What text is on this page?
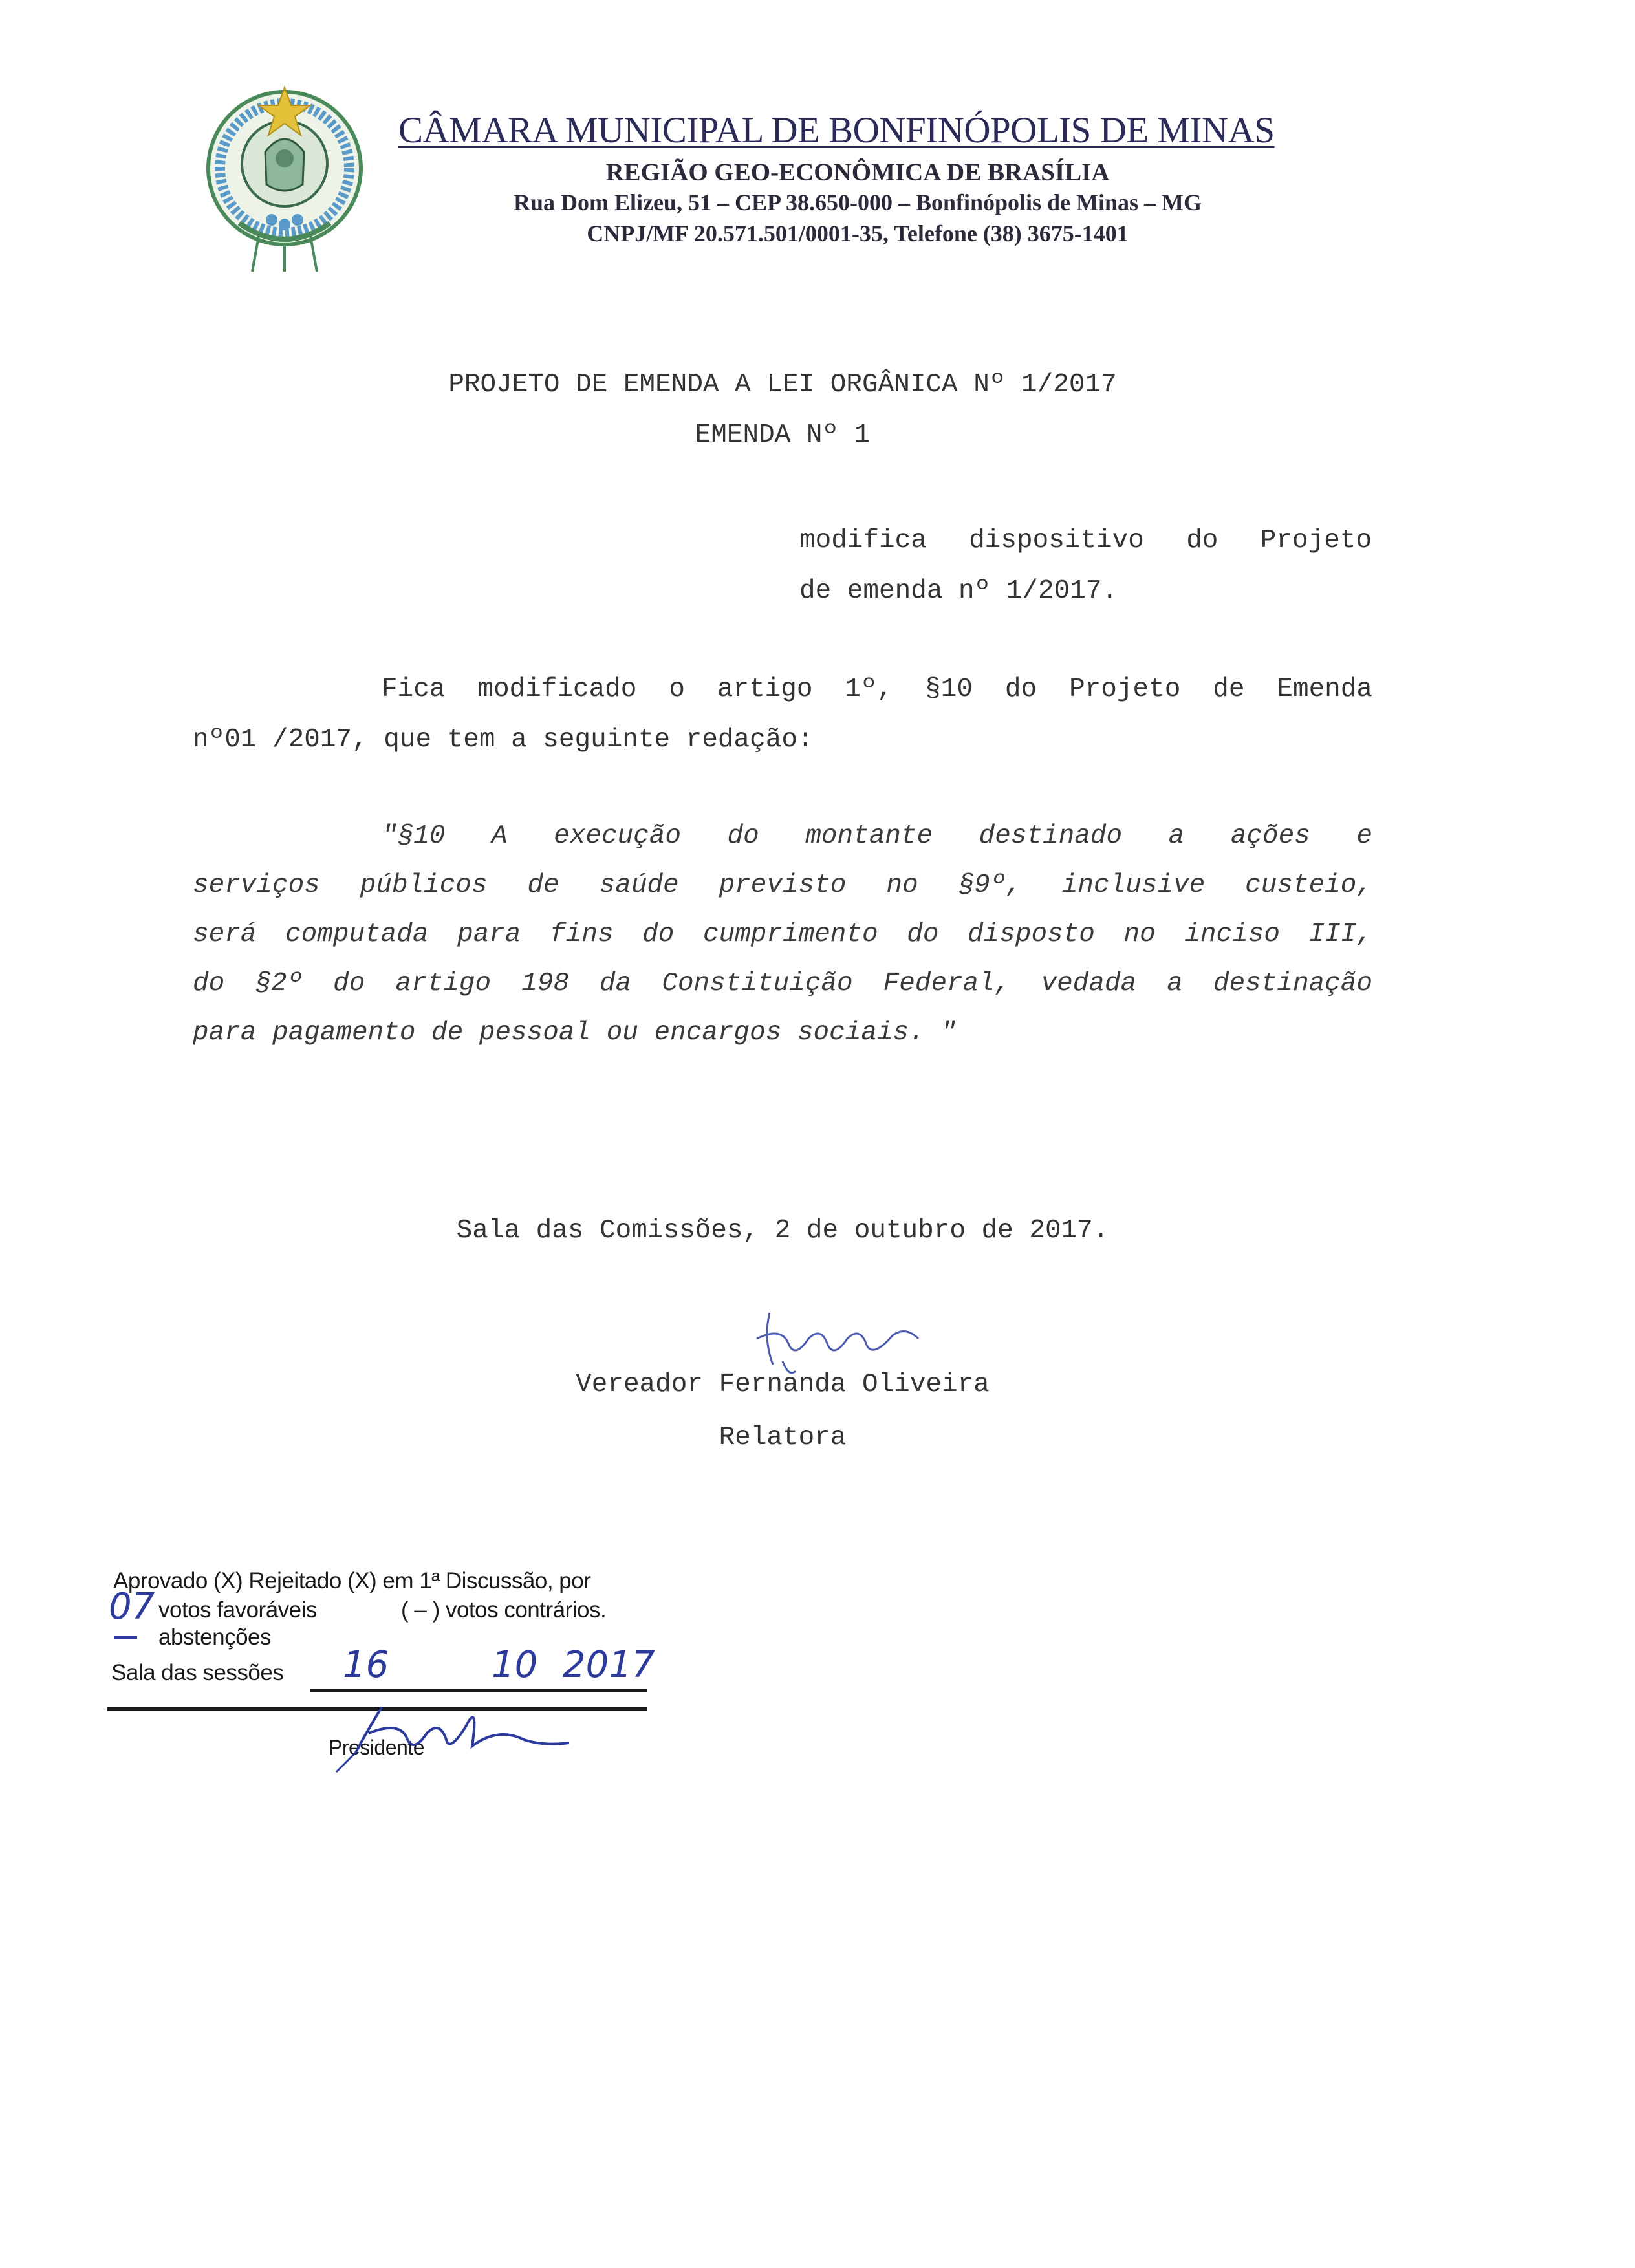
CÂMARA MUNICIPAL DE BONFINÓPOLIS DE MINAS
REGIÃO GEO-ECONÔMICA DE BRASÍLIA
Rua Dom Elizeu, 51 – CEP 38.650-000 – Bonfinópolis de Minas – MG
CNPJ/MF 20.571.501/0001-35, Telefone (38) 3675-1401
PROJETO DE EMENDA A LEI ORGÂNICA Nº 1/2017
EMENDA Nº 1
modifica dispositivo do Projeto
de emenda nº 1/2017.
Fica modificado o artigo 1º, §10 do Projeto de Emenda
nº01 /2017, que tem a seguinte redação:
"§10 A execução do montante destinado a ações e
serviços públicos de saúde previsto no §9º, inclusive custeio,
será computada para fins do cumprimento do disposto no inciso III,
do §2º do artigo 198 da Constituição Federal, vedada a destinação
para pagamento de pessoal ou encargos sociais. "
Sala das Comissões, 2 de outubro de 2017.
Vereador Fernanda Oliveira
Relatora
Aprovado (X) Rejeitado (X) em 1ª Discussão, por
votos favoráveis	( – ) votos contrários.
abstenções
Sala das sessões
Presidente
07
16	10 2017
